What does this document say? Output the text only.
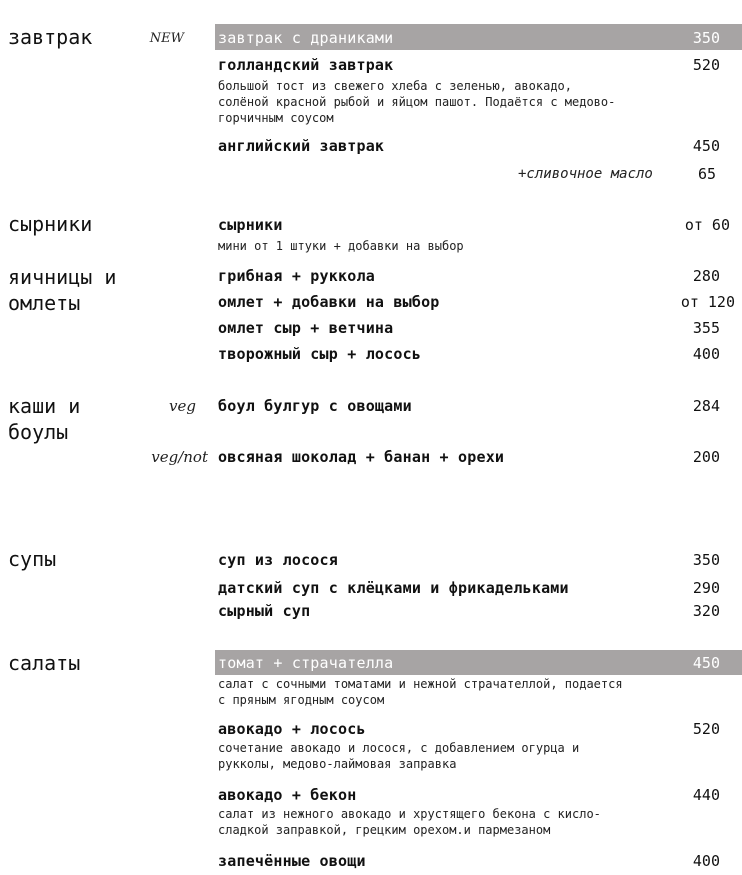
завтрак	NEW завтрак с драниками	350
голландский завтрак	520
большой тост из свежего хлеба с зеленью, авокадо,
солёной красной рыбой и яйцом пашот. Подаётся с медово-
горчичным соусом
английский завтрак	450
+сливочное масло	65
сырники	сырники	от 60
мини от 1 штуки + добавки на выбор
яичницы и
омлеты
грибная + руккола	280
омлет + добавки на выбор	от 120
омлет сыр + ветчина	355
творожный сыр + лосось	400
каши и
боулы
veg боул булгур с овощами	284
veg/not овсяная шоколад + банан + орехи	200
супы	суп из лосося	350
датский суп с клёцками и фрикадельками	290
сырный суп	320
салаты	томат + страчателла	450
салат с сочными томатами и нежной страчателлой, подается
с пряным ягодным соусом
авокадо + лосось	520
сочетание авокадо и лосося, с добавлением огурца и
рукколы, медово-лаймовая заправка
авокадо + бекон	440
салат из нежного авокадо и хрустящего бекона с кисло-
сладкой заправкой, грецким орехом.и пармезаном
запечённые овощи	400
